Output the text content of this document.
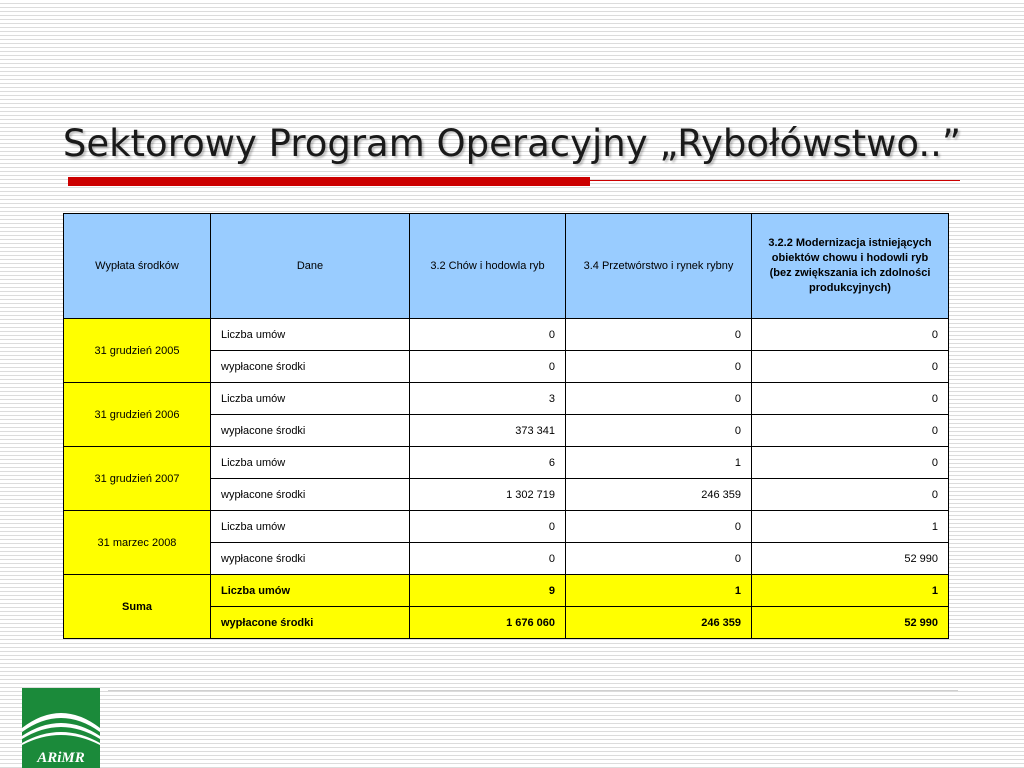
Sektorowy Program Operacyjny „Rybołówstwo..”
Wypłata środków	Dane	3.2 Chów i hodowla ryb	3.4 Przetwórstwo i rynek rybny	3.2.2 Modernizacja istniejących obiektów chowu i hodowli ryb (bez zwiększania ich zdolności produkcyjnych)
31 grudzień 2005	Liczba umów	0	0	0
	wypłacone środki	0	0	0
31 grudzień 2006	Liczba umów	3	0	0
	wypłacone środki	373 341	0	0
31 grudzień 2007	Liczba umów	6	1	0
	wypłacone środki	1 302 719	246 359	0
31 marzec 2008	Liczba umów	0	0	1
	wypłacone środki	0	0	52 990
Suma	Liczba umów	9	1	1
	wypłacone środki	1 676 060	246 359	52 990
ARiMR
